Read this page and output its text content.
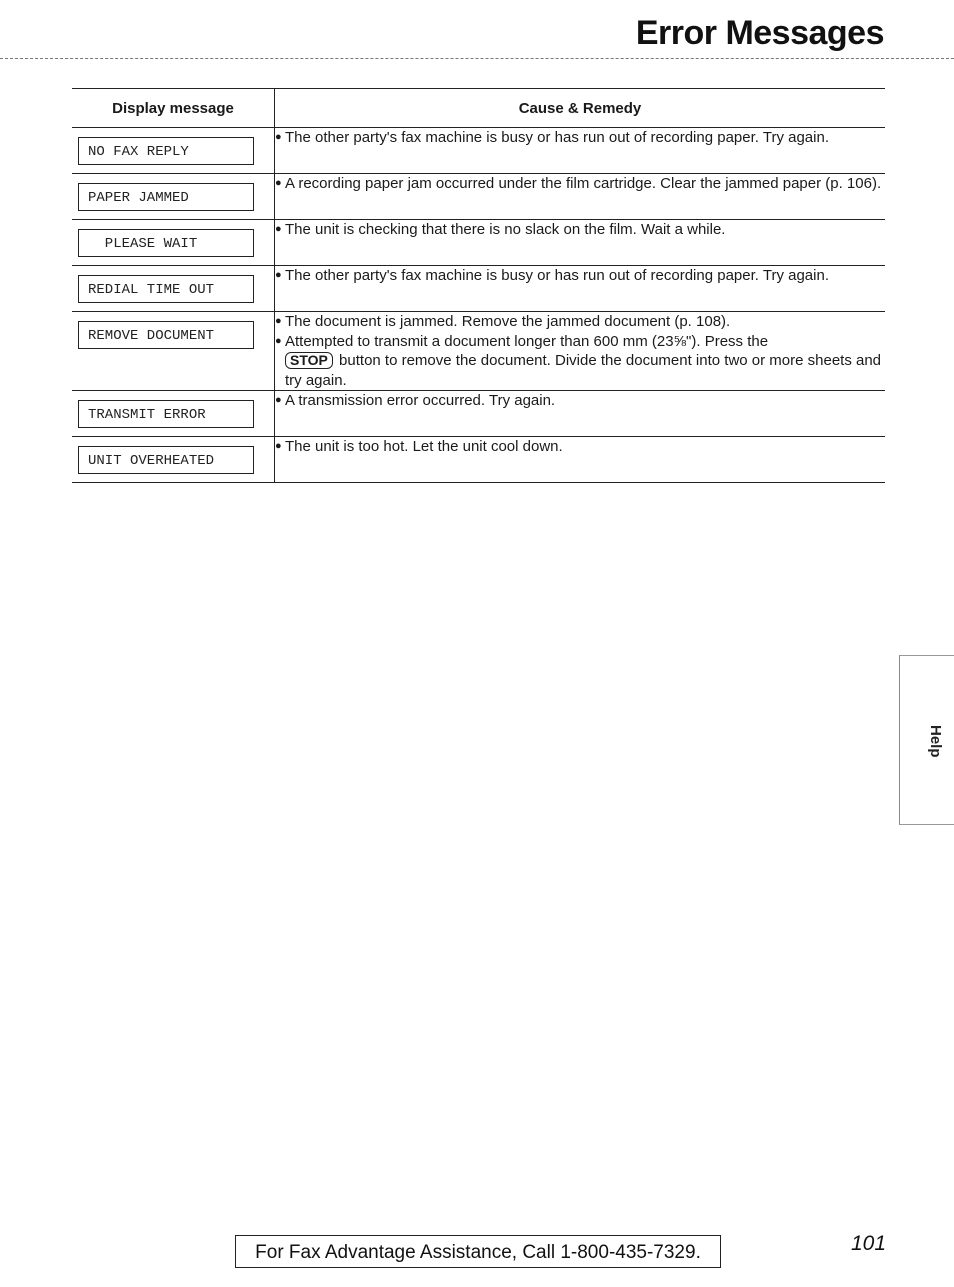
Error Messages
Display message	Cause & Remedy

NO FAX REPLY	● The other party's fax machine is busy or has run out of recording paper. Try again.

PAPER JAMMED	● A recording paper jam occurred under the film cartridge. Clear the jammed paper (p. 106).

PLEASE WAIT	● The unit is checking that there is no slack on the film. Wait a while.

REDIAL TIME OUT	● The other party's fax machine is busy or has run out of recording paper. Try again.

REMOVE DOCUMENT	● The document is jammed. Remove the jammed document (p. 108).
● Attempted to transmit a document longer than 600 mm (23⅝"). Press the
STOP button to remove the document. Divide the document into two or more sheets and try again.

TRANSMIT ERROR	● A transmission error occurred. Try again.

UNIT OVERHEATED	● The unit is too hot. Let the unit cool down.
Help
For Fax Advantage Assistance, Call 1-800-435-7329.	101
